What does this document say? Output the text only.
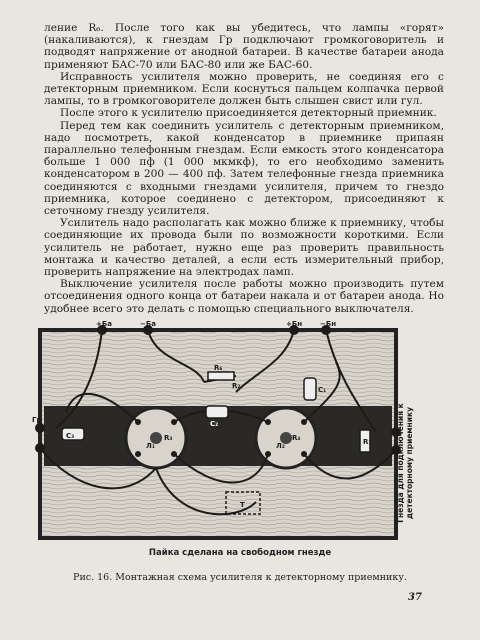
ление R₆. После того как вы убедитесь, что лампы «горят» (накаливаются), к гнездам Гр подключают громкоговоритель и подводят напряжение от анодной батареи. В качестве батареи анода применяют БАС-70 или БАС-80 или же БАС-60.

Исправность усилителя можно проверить, не соединяя его с детекторным приемником. Если коснуться пальцем колпачка первой лампы, то в громкоговорителе должен быть слышен свист или гул.

После этого к усилителю присоединяется детекторный приемник.

Перед тем как соединить усилитель с детекторным приемником, надо посмотреть, какой конденсатор в приемнике припаян параллельно телефонным гнездам. Если емкость этого конденсатора больше 1 000 пф (1 000 мкмкф), то его необходимо заменить конденсатором в 200 — 400 пф. Затем телефонные гнезда приемника соединяются с входными гнездами усилителя, причем то гнездо приемника, которое соединено с детектором, присоединяют к сеточному гнезду усилителя.

Усилитель надо располагать как можно ближе к приемнику, чтобы соединяющие их провода были по возможности короткими. Если усилитель не работает, нужно еще раз проверить правильность монтажа и качество деталей, а если есть измерительный прибор, проверить напряжение на электродах ламп.

Выключение усилителя после работы можно производить путем отсоединения одного конца от батареи накала и от батареи анода. Но удобнее всего это делать с помощью специального выключателя.

+Ба	−Ба	+Бн	−Бн
Гр
R₆
С₁
С₂
С₃	R₃	R₄
Л₁	Л₂	R₁
R₂
Т	Гнезда для подключения к детекторному приемнику
Пайка сделана на свободном гнезде
Рис. 16. Монтажная схема усилителя к детекторному приемнику.
37
